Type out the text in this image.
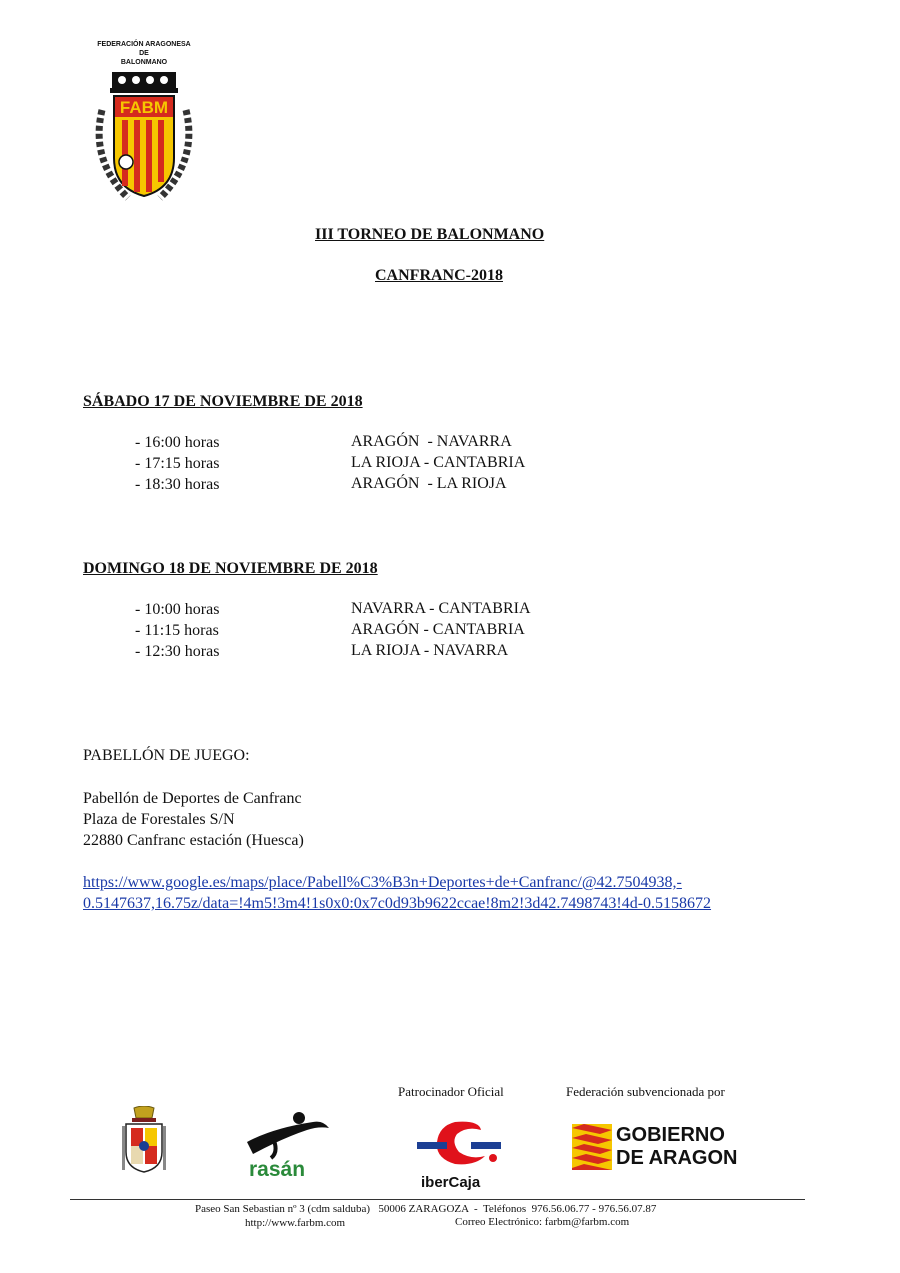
FEDERACIÓN ARAGONESA
DE
BALONMANO
FABM
III TORNEO DE BALONMANO
CANFRANC-2018
SÁBADO 17 DE NOVIEMBRE DE 2018
- 16:00 horas	ARAGÓN  - NAVARRA
- 17:15 horas	LA RIOJA - CANTABRIA
- 18:30 horas	ARAGÓN  - LA RIOJA
DOMINGO 18 DE NOVIEMBRE DE 2018
- 10:00 horas	NAVARRA - CANTABRIA
- 11:15 horas	ARAGÓN - CANTABRIA
- 12:30 horas	LA RIOJA - NAVARRA
PABELLÓN DE JUEGO:
Pabellón de Deportes de Canfranc
Plaza de Forestales S/N
22880 Canfranc estación (Huesca)
https://www.google.es/maps/place/Pabell%C3%B3n+Deportes+de+Canfranc/@42.7504938,-
0.5147637,16.75z/data=!4m5!3m4!1s0x0:0x7c0d93b9622ccae!8m2!3d42.7498743!4d-0.5158672
Patrocinador Oficial	Federación subvencionada por
rasán
iberCaja
GOBIERNO
DE ARAGON
Paseo San Sebastian nº 3 (cdm salduba)   50006 ZARAGOZA  -  Teléfonos  976.56.06.77 - 976.56.07.87
http://www.farbm.com	Correo Electrónico: farbm@farbm.com
